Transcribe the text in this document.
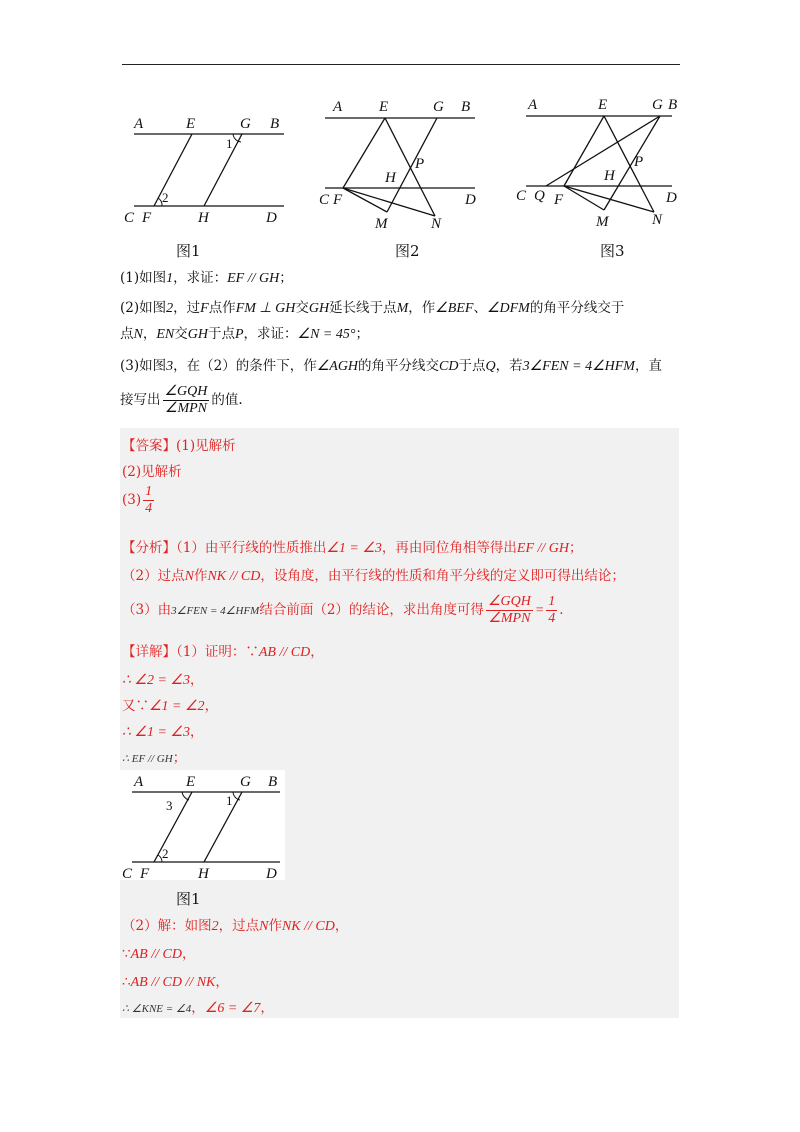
A	E	G B
1
2
C F	H	D
图1
A E	G B
P
H
C F	D
M	N
图2
A	E	G B
P
H
C Q F	D
M	N
图3
(1)如图1，求证：EF // GH；
(2)如图2，过F点作FM ⊥ GH交GH延长线于点M，作∠BEF、∠DFM的角平分线交于
点N，EN交GH于点P，求证：∠N = 45°；
(3)如图3，在（2）的条件下，作∠AGH的角平分线交CD于点Q，若3∠FEN = 4∠HFM，直
接写出 $\frac{\text{∠GQH}}{\text{∠MPN}}$ 的值.
【答案】(1)见解析
(2)见解析
$(3) \frac{1}{4}$
【分析】（1）由平行线的性质推出∠1 = ∠3，再由同位角相等得出EF // GH；
（2）过点N作NK // CD，设角度，由平行线的性质和角平分线的定义即可得出结论；
（3）由3∠FEN = 4∠HFM结合前面（2）的结论，求出角度可得 $\frac{\text{∠GQH}}{\text{∠MPN}} = \frac{1}{4}$ .
【详解】（1）证明：∵AB // CD，
∴ ∠2 = ∠3，
又∵∠1 = ∠2，
∴ ∠1 = ∠3，
∴ EF // GH；
A	E	G B
3	1
2
C F	H	D
图1
（2）解：如图2，过点N作NK // CD，
∵AB // CD，
∴AB // CD // NK，
∴ ∠KNE = ∠4，∠6 = ∠7，
